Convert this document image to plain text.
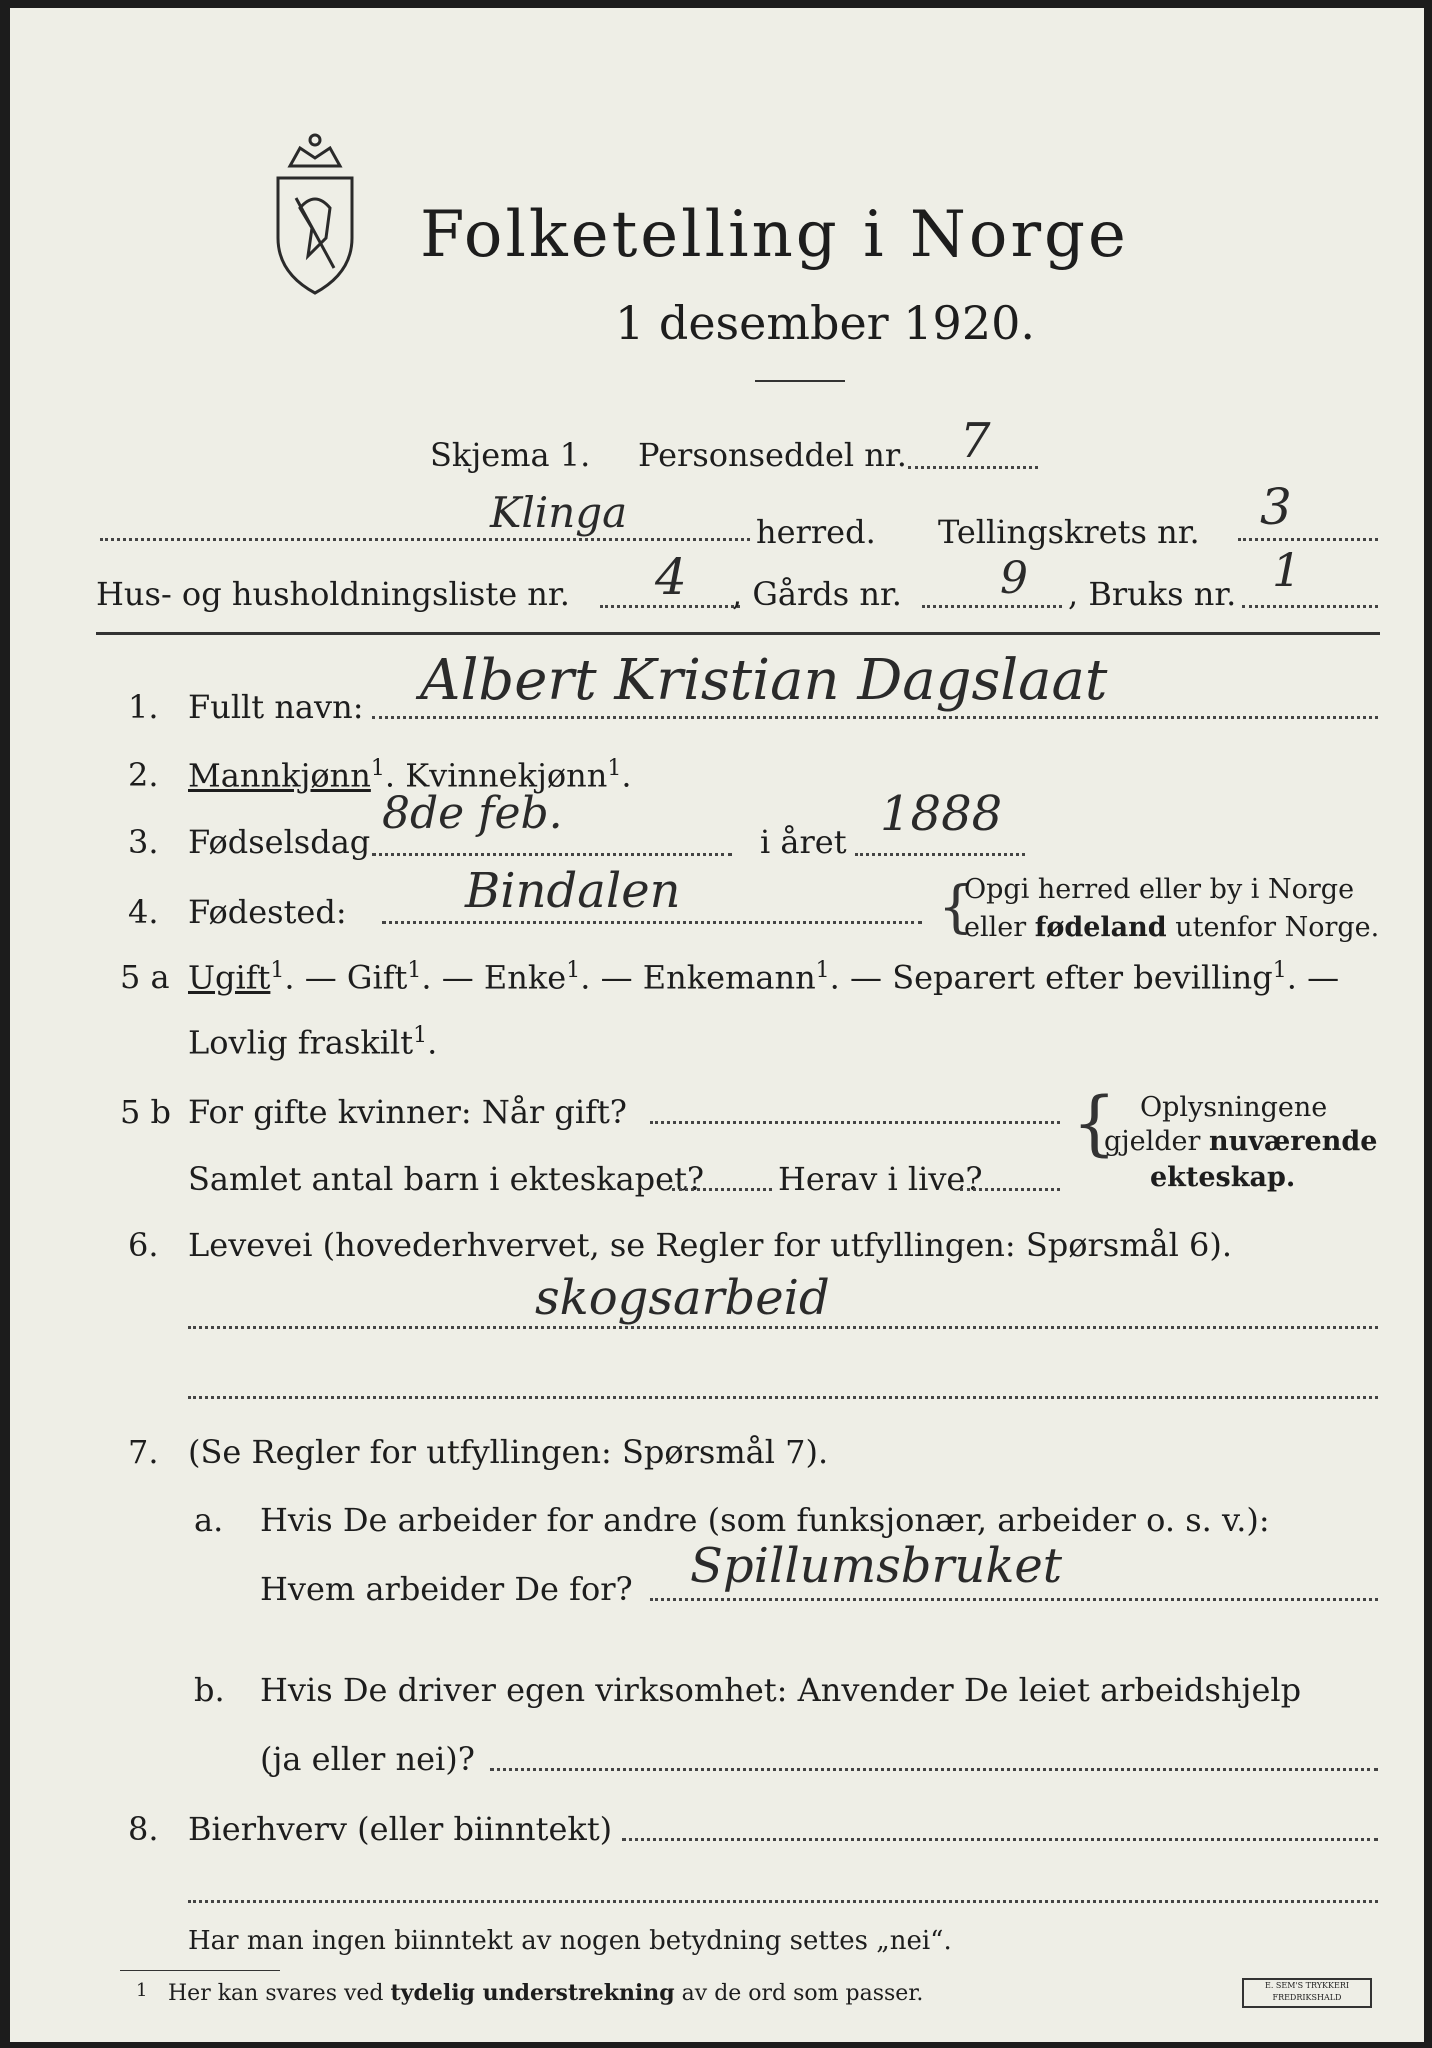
Folketelling i Norge
1 desember 1920.
Skjema 1. Personseddel nr. 7
Klinga	herred. Tellingskrets nr. 3
Hus- og husholdningsliste nr. 4 , Gårds nr. 9 , Bruks nr. 1
1. Fullt navn: Albert Kristian Dagslaat
2. Mannkjønn$^1$. Kvinnekjønn$^1$.
3. Fødselsdag
8de feb.
i året 1888
4. Fødested: Bindalen	{
Opgi herred eller by i Norge
eller fødeland utenfor Norge.
5 a Ugift$^1$. — Gift$^1$. — Enke$^1$. — Enkemann$^1$. — Separert efter bevilling$^1$. —
Lovlig fraskilt$^1$.
5 b For gifte kvinner: Når gift?
Samlet antal barn i ekteskapet? Herav i live?
{ Oplysningene
gjelder nuværende
ekteskap.
6. Levevei (hovederhvervet, se Regler for utfyllingen: Spørsmål 6).
skogsarbeid
7. (Se Regler for utfyllingen: Spørsmål 7).
a. Hvis De arbeider for andre (som funksjonær, arbeider o. s. v.):
Hvem arbeider De for? Spillumsbruket
b. Hvis De driver egen virksomhet: Anvender De leiet arbeidshjelp
(ja eller nei)?
8. Bierhverv (eller biinntekt)
Har man ingen biinntekt av nogen betydning settes „nei“.
1 Her kan svares ved tydelig understrekning av de ord som passer.	E. SEM'S TRYKKERI FREDRIKSHALD
